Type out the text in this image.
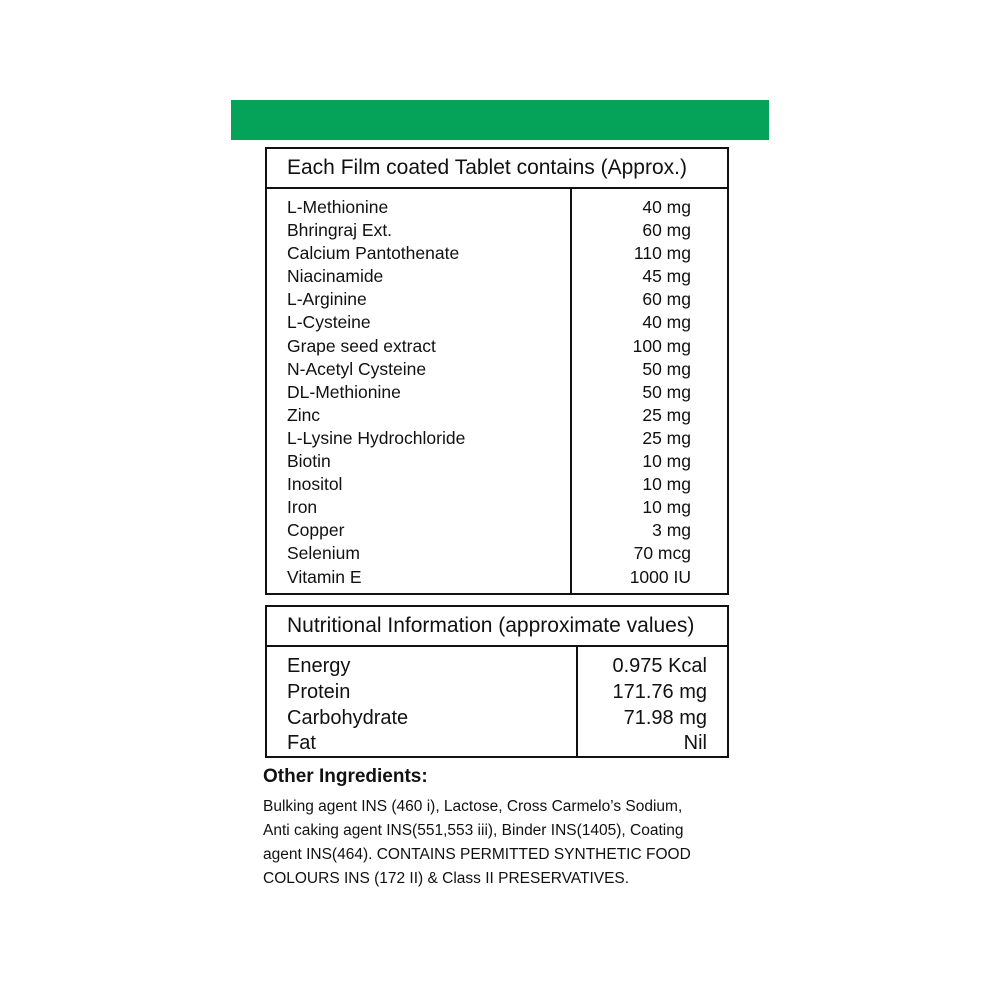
Each Film coated Tablet contains (Approx.)
L-Methionine
Bhringraj Ext.
Calcium Pantothenate
Niacinamide
L-Arginine
L-Cysteine
Grape seed extract
N-Acetyl Cysteine
DL-Methionine
Zinc
L-Lysine Hydrochloride
Biotin
Inositol
Iron
Copper
Selenium
Vitamin E
40 mg
60 mg
110 mg
45 mg
60 mg
40 mg
100 mg
50 mg
50 mg
25 mg
25 mg
10 mg
10 mg
10 mg
3 mg
70 mcg
1000 IU
Nutritional Information (approximate values)
Energy
Protein
Carbohydrate
Fat
0.975 Kcal
171.76 mg
71.98 mg
Nil
Other Ingredients:
Bulking agent INS (460 i), Lactose, Cross Carmelo’s Sodium,
Anti caking agent INS(551,553 iii), Binder INS(1405), Coating
agent INS(464). CONTAINS PERMITTED SYNTHETIC FOOD
COLOURS INS (172 II) & Class II PRESERVATIVES.
